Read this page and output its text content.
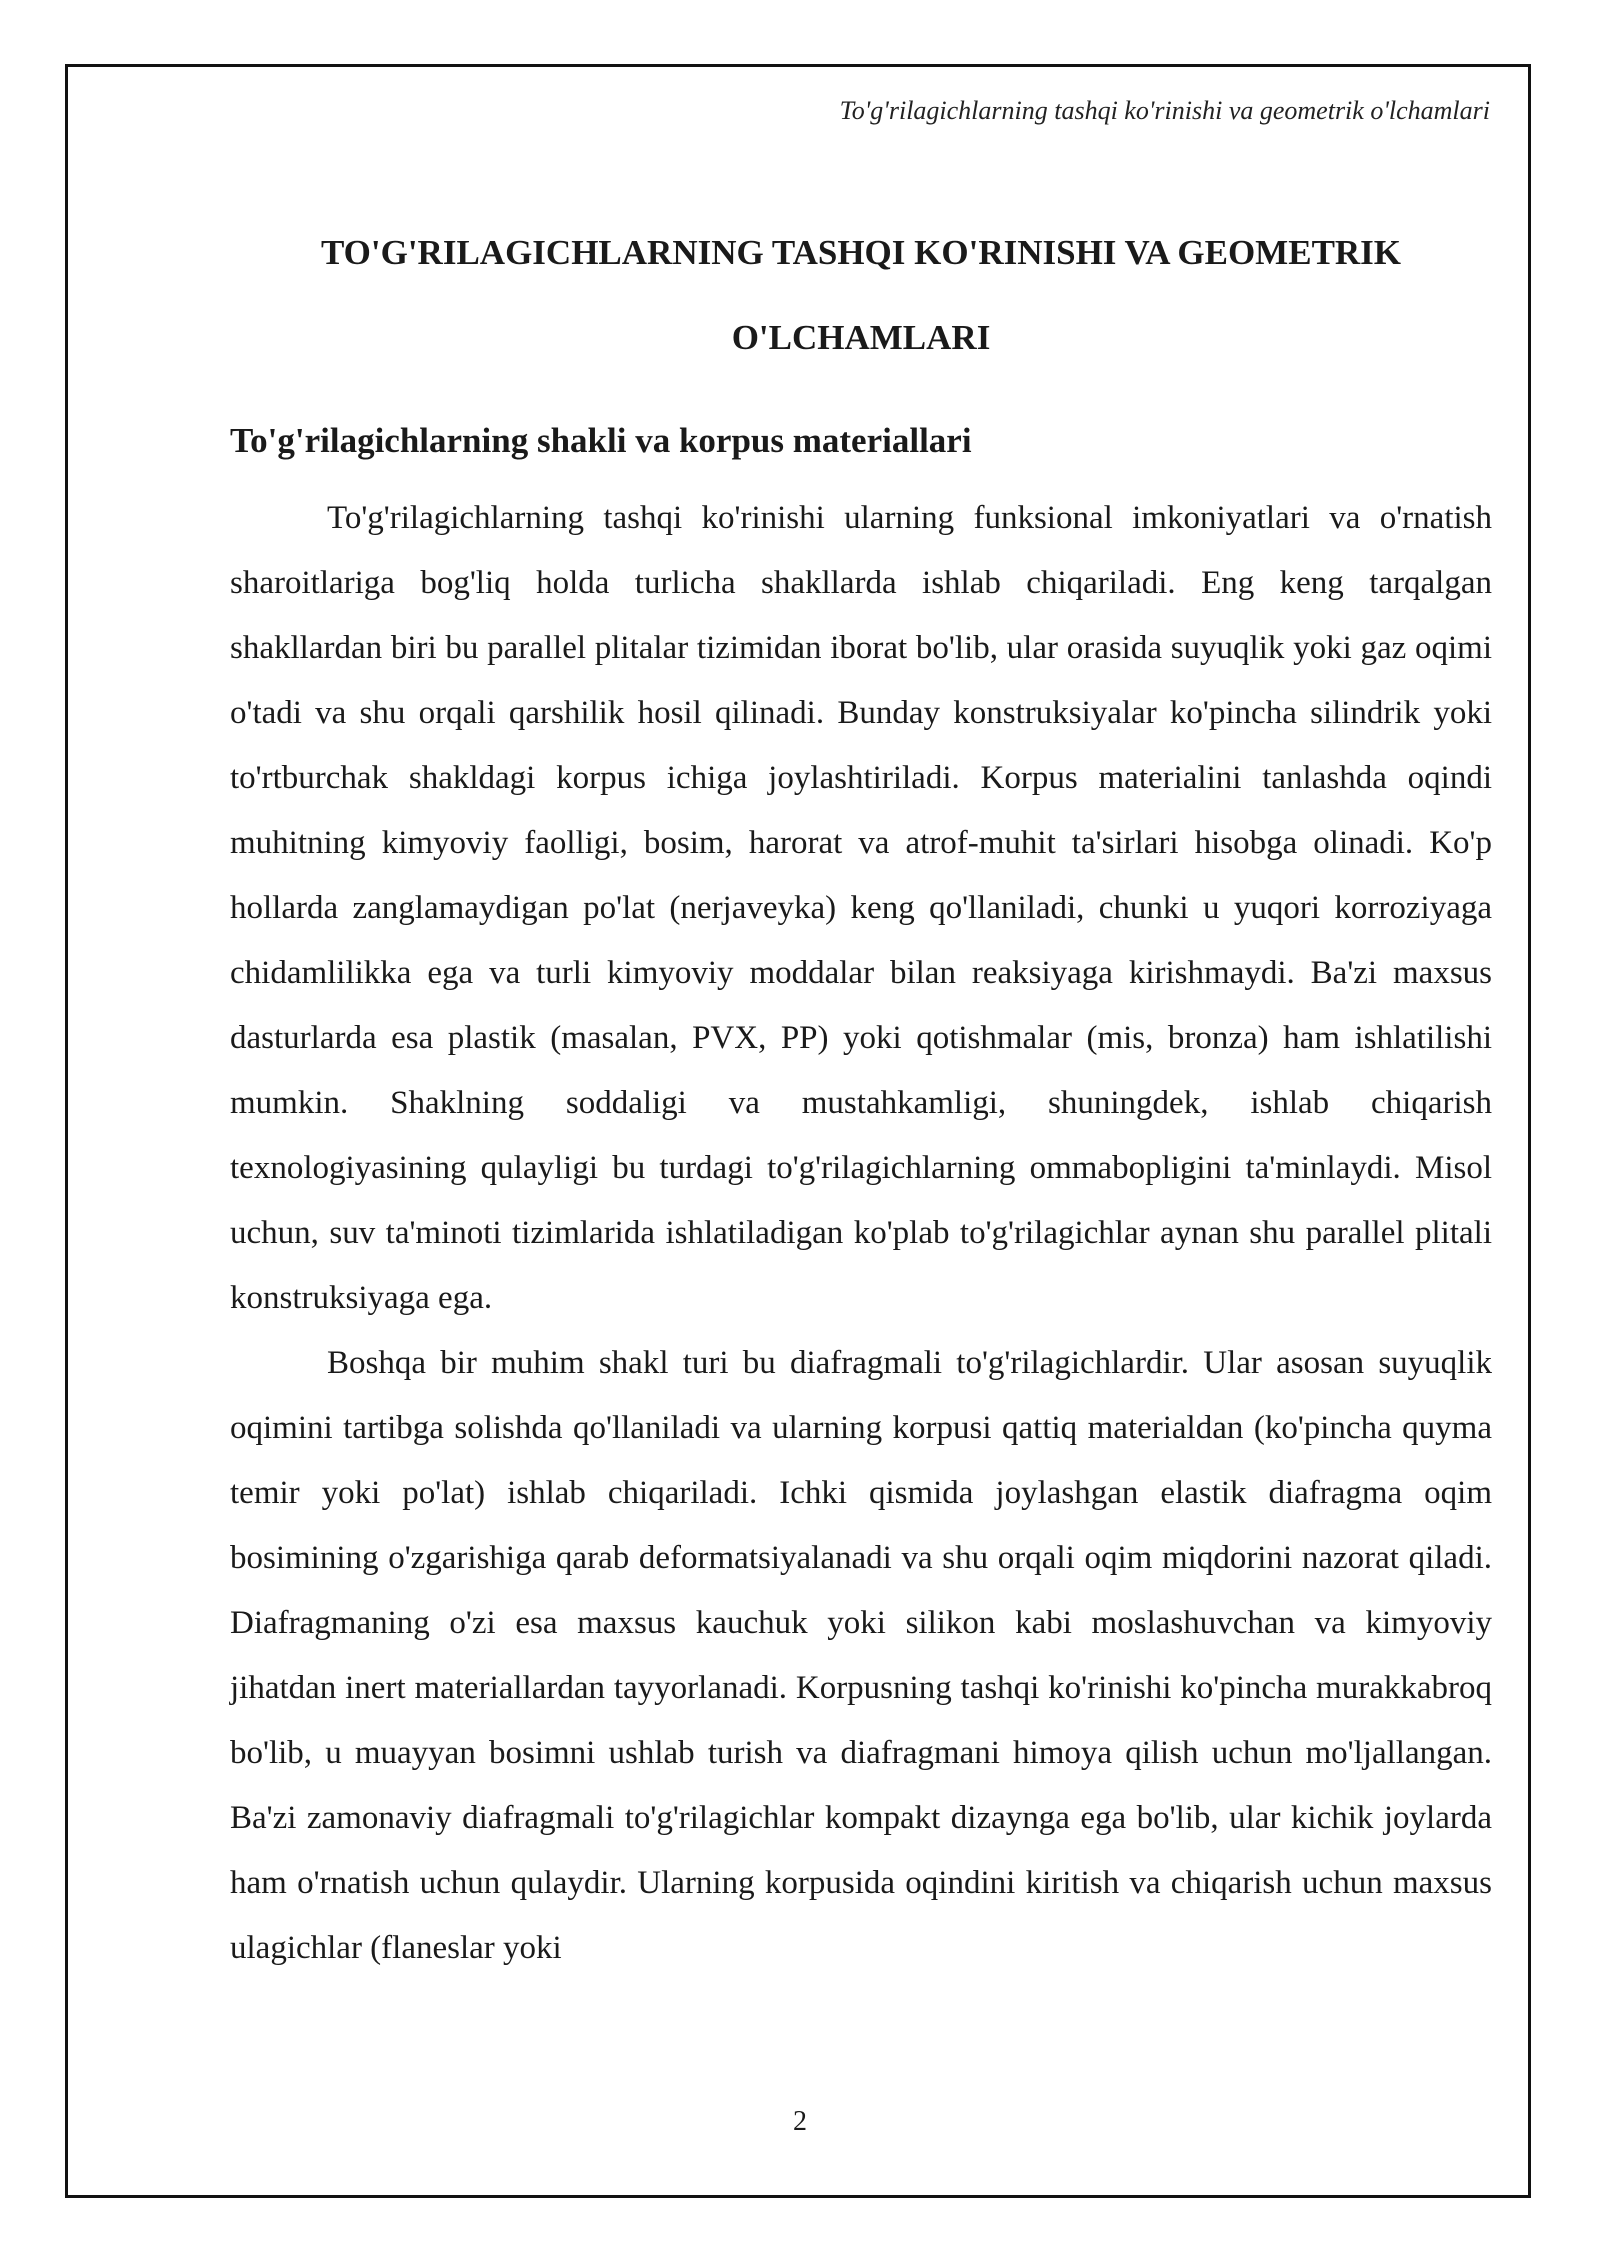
To'g'rilagichlarning tashqi ko'rinishi va geometrik o'lchamlari
TO'G'RILAGICHLARNING TASHQI KO'RINISHI VA GEOMETRIK
O'LCHAMLARI
To'g'rilagichlarning shakli va korpus materiallari

To'g'rilagichlarning tashqi ko'rinishi ularning funksional imkoniyatlari va o'rnatish sharoitlariga bog'liq holda turlicha shakllarda ishlab chiqariladi. Eng keng tarqalgan shakllardan biri bu parallel plitalar tizimidan iborat bo'lib, ular orasida suyuqlik yoki gaz oqimi o'tadi va shu orqali qarshilik hosil qilinadi. Bunday konstruksiyalar ko'pincha silindrik yoki to'rtburchak shakldagi korpus ichiga joylashtiriladi. Korpus materialini tanlashda oqindi muhitning kimyoviy faolligi, bosim, harorat va atrof-muhit ta'sirlari hisobga olinadi. Ko'p hollarda zanglamaydigan po'lat (nerjaveyka) keng qo'llaniladi, chunki u yuqori korroziyaga chidamlilikka ega va turli kimyoviy moddalar bilan reaksiyaga kirishmaydi. Ba'zi maxsus dasturlarda esa plastik (masalan, PVX, PP) yoki qotishmalar (mis, bronza) ham ishlatilishi mumkin. Shaklning soddaligi va mustahkamligi, shuningdek, ishlab chiqarish texnologiyasining qulayligi bu turdagi to'g'rilagichlarning ommabopligini ta'minlaydi. Misol uchun, suv ta'minoti tizimlarida ishlatiladigan ko'plab to'g'rilagichlar aynan shu parallel plitali konstruksiyaga ega.

Boshqa bir muhim shakl turi bu diafragmali to'g'rilagichlardir. Ular asosan suyuqlik oqimini tartibga solishda qo'llaniladi va ularning korpusi qattiq materialdan (ko'pincha quyma temir yoki po'lat) ishlab chiqariladi. Ichki qismida joylashgan elastik diafragma oqim bosimining o'zgarishiga qarab deformatsiyalanadi va shu orqali oqim miqdorini nazorat qiladi. Diafragmaning o'zi esa maxsus kauchuk yoki silikon kabi moslashuvchan va kimyoviy jihatdan inert materiallardan tayyorlanadi. Korpusning tashqi ko'rinishi ko'pincha murakkabroq bo'lib, u muayyan bosimni ushlab turish va diafragmani himoya qilish uchun mo'ljallangan. Ba'zi zamonaviy diafragmali to'g'rilagichlar kompakt dizaynga ega bo'lib, ular kichik joylarda ham o'rnatish uchun qulaydir. Ularning korpusida oqindini kiritish va chiqarish uchun maxsus ulagichlar (flaneslar yoki

2
